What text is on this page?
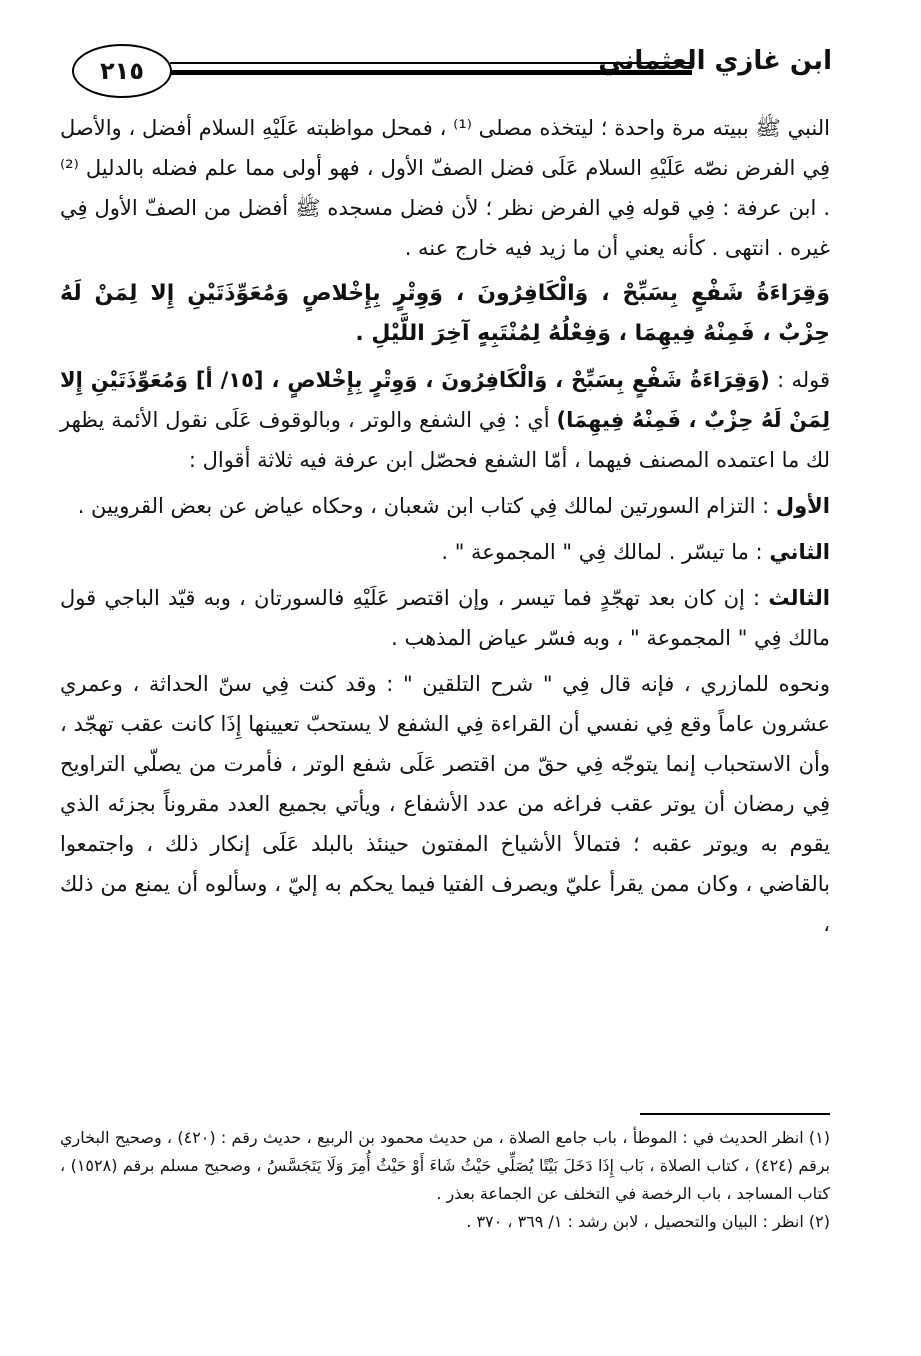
٢١٥	ابن غازي العثماني

النبي ﷺ ببيته مرة واحدة ؛ ليتخذه مصلى ⁽¹⁾ ، فمحل مواظبته عَلَيْهِ السلام أفضل ، والأصل فِي الفرض نصّه عَلَيْهِ السلام عَلَى فضل الصفّ الأول ، فهو أولى مما علم فضله بالدليل ⁽²⁾ . ابن عرفة : فِي قوله فِي الفرض نظر ؛ لأن فضل مسجده ﷺ أفضل من الصفّ الأول فِي غيره . انتهى . كأنه يعني أن ما زيد فيه خارج عنه .

وَقِرَاءَةُ شَفْعٍ بِسَبِّحْ ، وَالْكَافِرُونَ ، وَوِتْرٍ بِإِخْلاصٍ وَمُعَوِّذَتَيْنِ إِلا لِمَنْ لَهُ حِزْبٌ ، فَمِنْهُ فِيهِمَا ، وَفِعْلُهُ لِمُنْتَبِهٍ آخِرَ اللَّيْلِ .

قوله : (وَقِرَاءَةُ شَفْعٍ بِسَبِّحْ ، وَالْكَافِرُونَ ، وَوِتْرٍ بِإِخْلاصٍ ، [١٥/ أ] وَمُعَوِّذَتَيْنِ إِلا لِمَنْ لَهُ حِزْبٌ ، فَمِنْهُ فِيهِمَا) أي : فِي الشفع والوتر ، وبالوقوف عَلَى نقول الأئمة يظهر لك ما اعتمده المصنف فيهما ، أمّا الشفع فحصّل ابن عرفة فيه ثلاثة أقوال :

الأول : التزام السورتين لمالك فِي كتاب ابن شعبان ، وحكاه عياض عن بعض القرويين .

الثاني : ما تيسّر . لمالك فِي " المجموعة " .

الثالث : إن كان بعد تهجّدٍ فما تيسر ، وإن اقتصر عَلَيْهِ فالسورتان ، وبه قيّد الباجي قول مالك فِي " المجموعة " ، وبه فسّر عياض المذهب .

ونحوه للمازري ، فإنه قال فِي " شرح التلقين " : وقد كنت فِي سنّ الحداثة ، وعمري عشرون عاماً وقع فِي نفسي أن القراءة فِي الشفع لا يستحبّ تعيينها إِذَا كانت عقب تهجّد ، وأن الاستحباب إنما يتوجّه فِي حقّ من اقتصر عَلَى شفع الوتر ، فأمرت من يصلّي التراويح فِي رمضان أن يوتر عقب فراغه من عدد الأشفاع ، ويأتي بجميع العدد مقروناً بجزئه الذي يقوم به ويوتر عقبه ؛ فتمالأ الأشياخ المفتون حينئذ بالبلد عَلَى إنكار ذلك ، واجتمعوا بالقاضي ، وكان ممن يقرأ عليّ ويصرف الفتيا فيما يحكم به إليّ ، وسألوه أن يمنع من ذلك ،

(١) انظر الحديث في : الموطأ ، باب جامع الصلاة ، من حديث محمود بن الربيع ، حديث رقم : (٤٢٠) ، وصحيح البخاري برقم (٤٢٤) ، كتاب الصلاة ، بَاب إِذَا دَخَلَ بَيْتًا يُصَلِّي حَيْثُ شَاءَ أَوْ حَيْثُ أُمِرَ وَلَا يَتَجَسَّسُ ، وصحيح مسلم برقم (١٥٢٨) ، كتاب المساجد ، باب الرخصة في التخلف عن الجماعة بعذر .

(٢) انظر : البيان والتحصيل ، لابن رشد : ١/ ٣٦٩ ، ٣٧٠ .
